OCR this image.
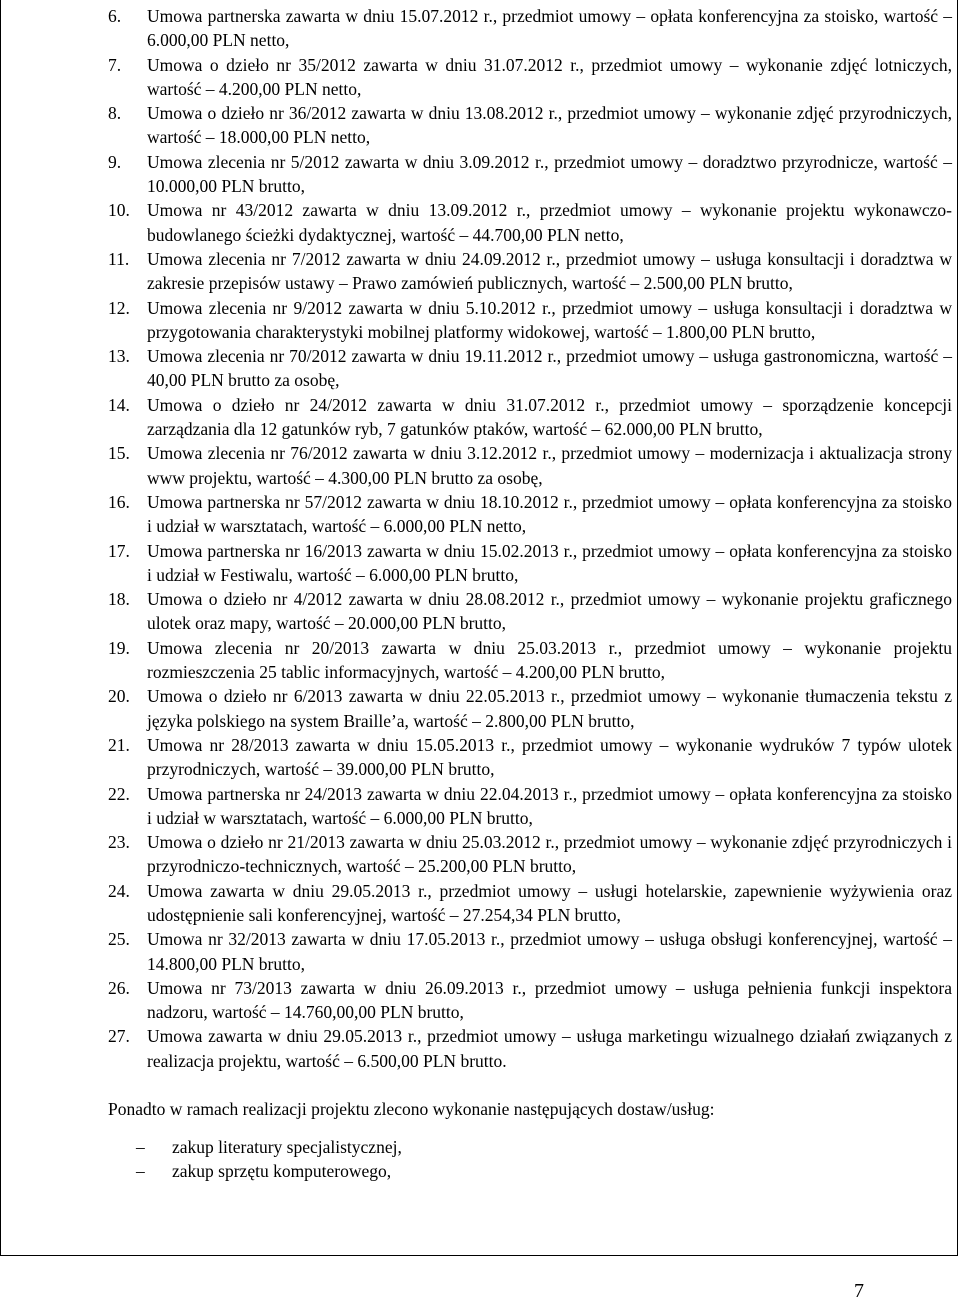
6. Umowa partnerska zawarta w dniu 15.07.2012 r., przedmiot umowy – opłata konferencyjna za stoisko, wartość – 6.000,00 PLN netto,
7. Umowa o dzieło nr 35/2012 zawarta w dniu 31.07.2012 r., przedmiot umowy – wykonanie zdjęć lotniczych, wartość – 4.200,00 PLN netto,
8. Umowa o dzieło nr 36/2012 zawarta w dniu 13.08.2012 r., przedmiot umowy – wykonanie zdjęć przyrodniczych, wartość – 18.000,00 PLN netto,
9. Umowa zlecenia nr 5/2012 zawarta w dniu 3.09.2012 r., przedmiot umowy – doradztwo przyrodnicze, wartość – 10.000,00 PLN brutto,
10. Umowa nr 43/2012 zawarta w dniu 13.09.2012 r., przedmiot umowy – wykonanie projektu wykonawczo-budowlanego ścieżki dydaktycznej, wartość – 44.700,00 PLN netto,
11. Umowa zlecenia nr 7/2012 zawarta w dniu 24.09.2012 r., przedmiot umowy – usługa konsultacji i doradztwa w zakresie przepisów ustawy – Prawo zamówień publicznych, wartość – 2.500,00 PLN brutto,
12. Umowa zlecenia nr 9/2012 zawarta w dniu 5.10.2012 r., przedmiot umowy – usługa konsultacji i doradztwa w przygotowania charakterystyki mobilnej platformy widokowej, wartość – 1.800,00 PLN brutto,
13. Umowa zlecenia nr 70/2012 zawarta w dniu 19.11.2012 r., przedmiot umowy – usługa gastronomiczna, wartość – 40,00 PLN brutto za osobę,
14. Umowa o dzieło nr 24/2012 zawarta w dniu 31.07.2012 r., przedmiot umowy – sporządzenie koncepcji zarządzania dla 12 gatunków ryb, 7 gatunków ptaków, wartość – 62.000,00 PLN brutto,
15. Umowa zlecenia nr 76/2012 zawarta w dniu 3.12.2012 r., przedmiot umowy – modernizacja i aktualizacja strony www projektu, wartość – 4.300,00 PLN brutto za osobę,
16. Umowa partnerska nr 57/2012 zawarta w dniu 18.10.2012 r., przedmiot umowy – opłata konferencyjna za stoisko i udział w warsztatach, wartość – 6.000,00 PLN netto,
17. Umowa partnerska nr 16/2013 zawarta w dniu 15.02.2013 r., przedmiot umowy – opłata konferencyjna za stoisko i udział w Festiwalu, wartość – 6.000,00 PLN brutto,
18. Umowa o dzieło nr 4/2012 zawarta w dniu 28.08.2012 r., przedmiot umowy – wykonanie projektu graficznego ulotek oraz mapy, wartość – 20.000,00 PLN brutto,
19. Umowa zlecenia nr 20/2013 zawarta w dniu 25.03.2013 r., przedmiot umowy – wykonanie projektu rozmieszczenia 25 tablic informacyjnych, wartość – 4.200,00 PLN brutto,
20. Umowa o dzieło nr 6/2013 zawarta w dniu 22.05.2013 r., przedmiot umowy – wykonanie tłumaczenia tekstu z języka polskiego na system Braille’a, wartość – 2.800,00 PLN brutto,
21. Umowa nr 28/2013 zawarta w dniu 15.05.2013 r., przedmiot umowy – wykonanie wydruków 7 typów ulotek przyrodniczych, wartość – 39.000,00 PLN brutto,
22. Umowa partnerska nr 24/2013 zawarta w dniu 22.04.2013 r., przedmiot umowy – opłata konferencyjna za stoisko i udział w warsztatach, wartość – 6.000,00 PLN brutto,
23. Umowa o dzieło nr 21/2013 zawarta w dniu 25.03.2012 r., przedmiot umowy – wykonanie zdjęć przyrodniczych i przyrodniczo-technicznych, wartość – 25.200,00 PLN brutto,
24. Umowa zawarta w dniu 29.05.2013 r., przedmiot umowy – usługi hotelarskie, zapewnienie wyżywienia oraz udostępnienie sali konferencyjnej, wartość – 27.254,34 PLN brutto,
25. Umowa nr 32/2013 zawarta w dniu 17.05.2013 r., przedmiot umowy – usługa obsługi konferencyjnej, wartość – 14.800,00 PLN brutto,
26. Umowa nr 73/2013 zawarta w dniu 26.09.2013 r., przedmiot umowy – usługa pełnienia funkcji inspektora nadzoru, wartość – 14.760,00,00 PLN brutto,
27. Umowa zawarta w dniu 29.05.2013 r., przedmiot umowy – usługa marketingu wizualnego działań związanych z realizacja projektu, wartość – 6.500,00 PLN brutto.

Ponadto w ramach realizacji projektu zlecono wykonanie następujących dostaw/usług:

– zakup literatury specjalistycznej,
– zakup sprzętu komputerowego,
7
